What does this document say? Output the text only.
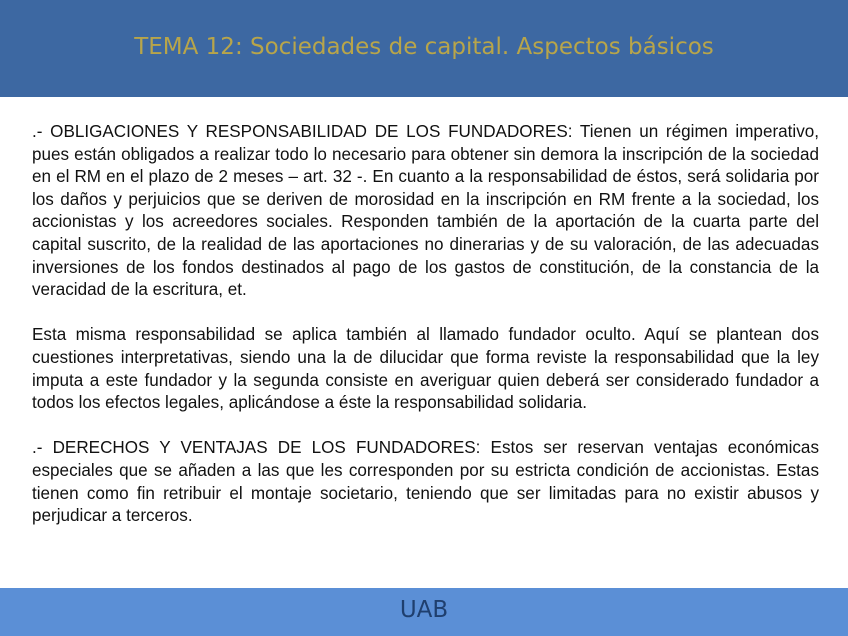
TEMA 12: Sociedades de capital. Aspectos básicos

.- OBLIGACIONES Y RESPONSABILIDAD DE LOS FUNDADORES: Tienen un régimen imperativo, pues están obligados a realizar todo lo necesario para obtener sin demora la inscripción de la sociedad en el RM en el plazo de 2 meses – art. 32 -. En cuanto a la responsabilidad de éstos, será solidaria por los daños y perjuicios que se deriven de morosidad en la inscripción en RM frente a la sociedad, los accionistas y los acreedores sociales. Responden también de la aportación de la cuarta parte del capital suscrito, de la realidad de las aportaciones no dinerarias y de su valoración, de las adecuadas inversiones de los fondos destinados al pago de los gastos de constitución, de la constancia de la veracidad de la escritura, et.

Esta misma responsabilidad se aplica también al llamado fundador oculto. Aquí se plantean dos cuestiones interpretativas, siendo una la de dilucidar que forma reviste la responsabilidad que la ley imputa a este fundador y la segunda consiste en averiguar quien deberá ser considerado fundador a todos los efectos legales, aplicándose a éste la responsabilidad solidaria.

.- DERECHOS Y VENTAJAS DE LOS FUNDADORES: Estos ser reservan ventajas económicas especiales que se añaden a las que les corresponden por su estricta condición de accionistas. Estas tienen como fin retribuir el montaje societario, teniendo que ser limitadas para no existir abusos y perjudicar a terceros.

UAB
